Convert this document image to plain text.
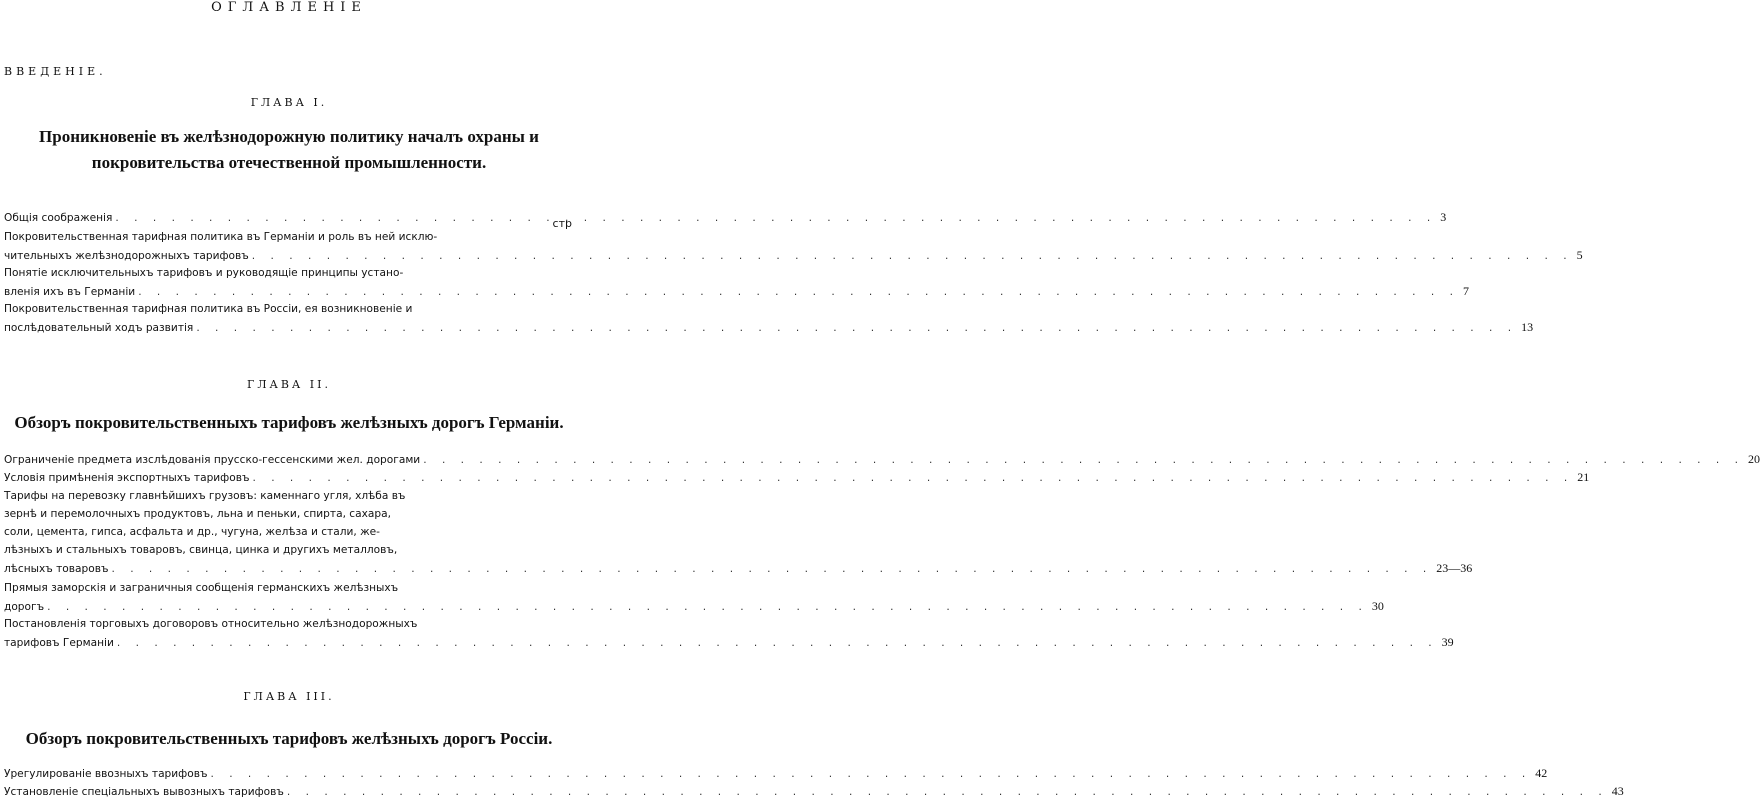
ОГЛАВЛЕНIЕ
ВВЕДЕНIЕ.
ГЛАВА I.
Проникновенiе въ желѣзнодорожную политику началъ охраны и
покровительства отечественной промышленности.
стр
Общiя соображенiя . . .	3
Покровительственная тарифная политика въ Германiи и роль въ ней исклю-
чительныхъ желѣзнодорожныхъ тарифовъ . . .	5
Понятiе исключительныхъ тарифовъ и руководящiе принципы устано-
вленiя ихъ въ Германiи . . .	7
Покровительственная тарифная политика въ Россiи, ея возникновенiе и
послѣдовательный ходъ развитiя . . .	13
ГЛАВА II.
Обзоръ покровительственныхъ тарифовъ желѣзныхъ дорогъ Германiи.
Ограниченiе предмета изслѣдованiя прусско-гессенскими жел. дорогами . . .	20
Условiя примѣненiя экспортныхъ тарифовъ . . .	21
Тарифы на перевозку главнѣйшихъ грузовъ: каменнаго угля, хлѣба въ
зернѣ и перемолочныхъ продуктовъ, льна и пеньки, спирта, сахара,
соли, цемента, гипса, асфальта и др., чугуна, желѣза и стали, же-
лѣзныхъ и стальныхъ товаровъ, свинца, цинка и другихъ металловъ,
лѣсныхъ товаровъ . . .	23—36
Прямыя заморскiя и заграничныя сообщенiя германскихъ желѣзныхъ
дорогъ . . .	30
Постановленiя торговыхъ договоровъ относительно желѣзнодорожныхъ
тарифовъ Германiи . . .	39
ГЛАВА III.
Обзоръ покровительственныхъ тарифовъ желѣзныхъ дорогъ Россiи.
Урегулированiе ввозныхъ тарифовъ . . .	42
Установленiе спецiальныхъ вывозныхъ тарифовъ . . .	43
